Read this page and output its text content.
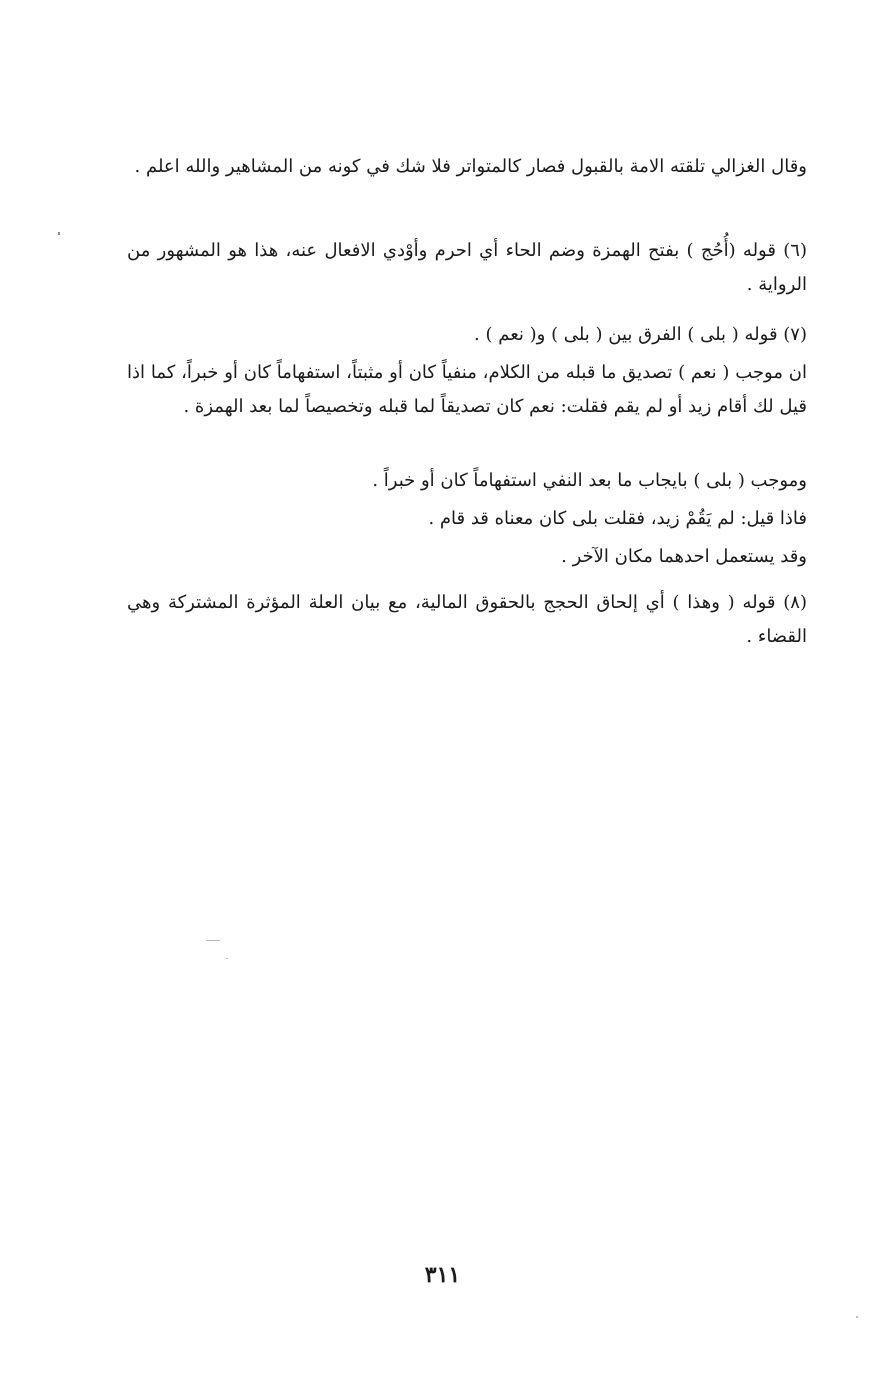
وقال الغزالي تلقته الامة بالقبول فصار كالمتواتر فلا شك في كونه من المشاهير والله اعلم .

(٦) قوله (أُحُج ) بفتح الهمزة وضم الحاء أي احرم وأوْدي الافعال عنه، هذا هو المشهور من الرواية .

(٧) قوله ( بلى ) الفرق بين ( بلى ) و( نعم ) .

ان موجب ( نعم ) تصديق ما قبله من الكلام، منفياً كان أو مثبتاً، استفهاماً كان أو خبراً، كما اذا قيل لك أقام زيد أو لم يقم فقلت: نعم كان تصديقاً لما قبله وتخصيصاً لما بعد الهمزة .

وموجب ( بلى ) بايجاب ما بعد النفي استفهاماً كان أو خبراً .
فاذا قيل: لم يَقُمْ زيد، فقلت بلى كان معناه قد قام .
وقد يستعمل احدهما مكان الآخر .

(٨) قوله ( وهذا ) أي إلحاق الحجج بالحقوق المالية، مع بيان العلة المؤثرة المشتركة وهي القضاء .

٣١١
